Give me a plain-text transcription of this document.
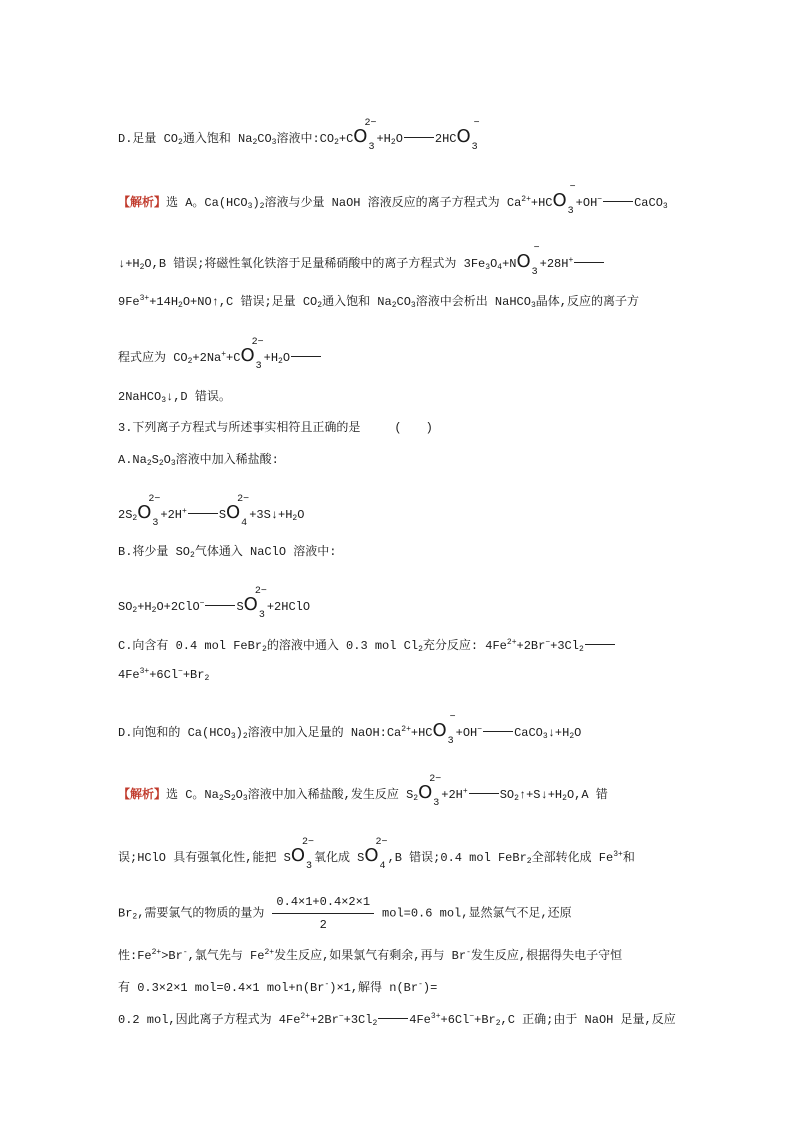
D.足量 $CO_2$通入饱和 $Na_2CO_3$溶液中$:CO_2+CO$
2−
3
$+H_2O$	2HCO
−
3
【解析】选 A。$Ca(HCO_3)_2$溶液与少量 NaOH 溶液反应的离子方程式为 $Ca^{2+}+HCO$
−
3
+OH−	CaCO$_3$
$↓+H_2O,B$ 错误;将磁性氧化铁溶于足量稀硝酸中的离子方程式为 $3Fe_3O_4+NO$
−
3
+28H+
$9Fe^{3+}+14H_2O+NO↑,C$ 错误;足量 $CO_2$通入饱和 $Na_2CO_3$溶液中会析出 NaHCO$_3$晶体,反应的离子方
程式应为 $CO_2+2Na^++CO$
2−
3
$+H_2O$
2NaHCO$_3$↓,D 错误。
3.下列离子方程式与所述事实相符且正确的是	(　　)
$A.Na_2S_2O_3$溶液中加入稀盐酸:
$2S_2O$
2−
3
+2H+	SO
2−
4
$+3S↓+H_2O$
B.将少量 $SO_2$气体通入 NaClO 溶液中:
$SO_2+H_2O+2ClO^-$	SO
2−
3
+2HClO
C.向含有 0.4 mol FeBr$_2$的溶液中通入 0.3 mol $Cl_2$充分反应: $4Fe^{2+}+2Br^-+3Cl_2$
$4Fe^{3+}+6Cl^-+Br_2$
D.向饱和的 $Ca(HCO_3)_2$溶液中加入足量的 $NaOH:Ca^{2+}+HCO$
−
3
+OH−	$CaCO_3↓+H_2O$
【解析】选 C。$Na_2S_2O_3$溶液中加入稀盐酸,发生反应 $S_2O$
2−
3
+2H+	$SO_2↑+S↓+H_2O,A$ 错
误;HClO 具有强氧化性,能把 SO
2−
3
氧化成 SO
2−
4
,B 错误;0.4 mol FeBr$_2$全部转化成 $Fe^{3+}$和
$Br_2$,需要氯气的物质的量为 $\frac{0.4\times 1+0.4\times 2\times 1}{2} mol=0.6$ mol,显然氯气不足,还原
性$:Fe^{2+}>Br^-$,氯气先与 $Fe^{2+}$发生反应,如果氯气有剩余,再与 Br-发生反应,根据得失电子守恒
有 0.3×2×1 mol=0.4×1 mol+n(Br-)×1,解得 n(Br-)=
0.2 mol,因此离子方程式为 $4Fe^{2+}+2Br^-+3Cl_2$	$4Fe^{3+}+6Cl^-+Br_2,C$ 正确;由于 NaOH 足量,反应
